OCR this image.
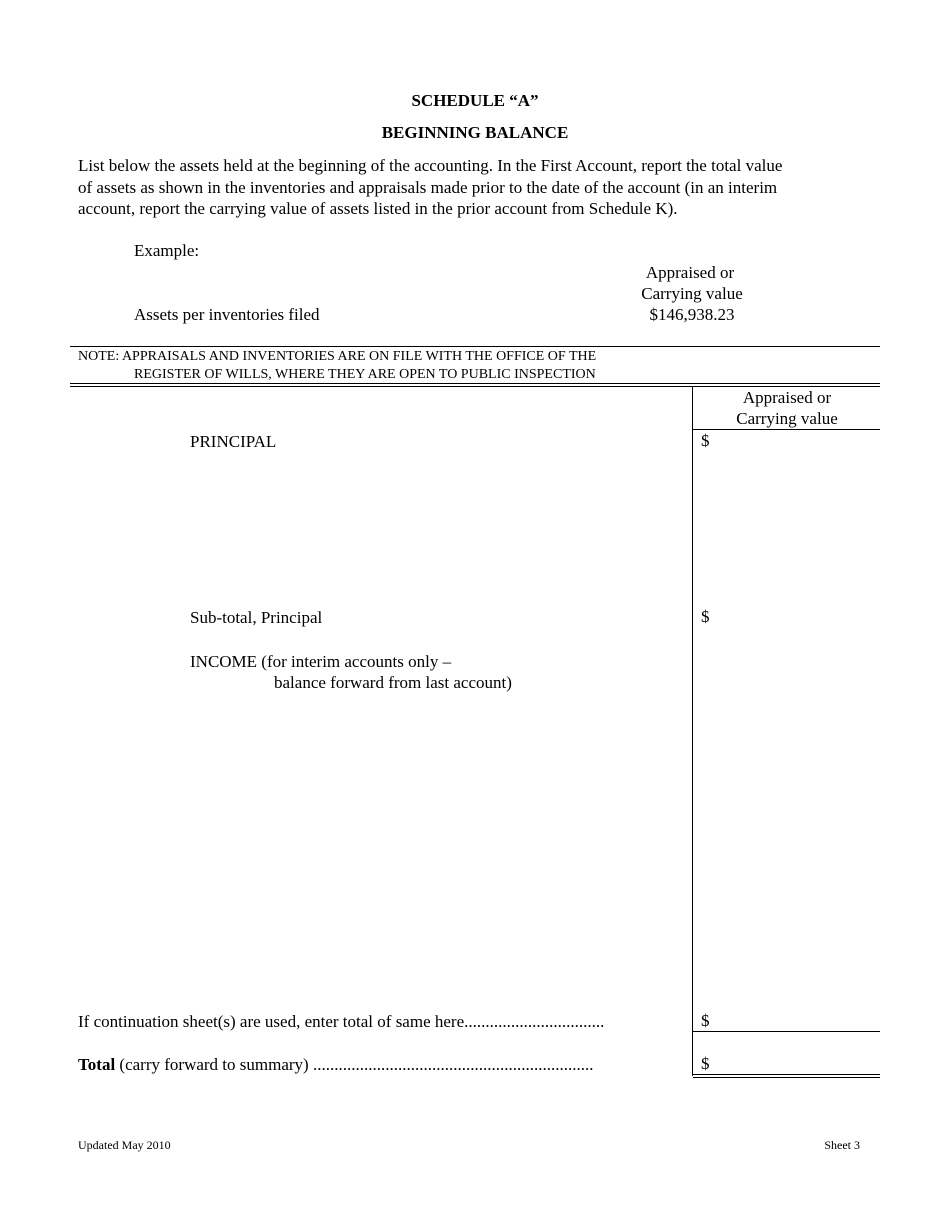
SCHEDULE “A”
BEGINNING BALANCE
List below the assets held at the beginning of the accounting. In the First Account, report the total value
of assets as shown in the inventories and appraisals made prior to the date of the account (in an interim
account, report the carrying value of assets listed in the prior account from Schedule K).
Example:
Appraised or
Carrying value
Assets per inventories filed	$146,938.23
NOTE: APPRAISALS AND INVENTORIES ARE ON FILE WITH THE OFFICE OF THE
REGISTER OF WILLS, WHERE THEY ARE OPEN TO PUBLIC INSPECTION
Appraised or
Carrying value
PRINCIPAL	$
Sub-total, Principal	$
INCOME (for interim accounts only –
balance forward from last account)
If continuation sheet(s) are used, enter total of same here.................................	$
Total (carry forward to summary) ..................................................................	$
Updated May 2010	Sheet 3
